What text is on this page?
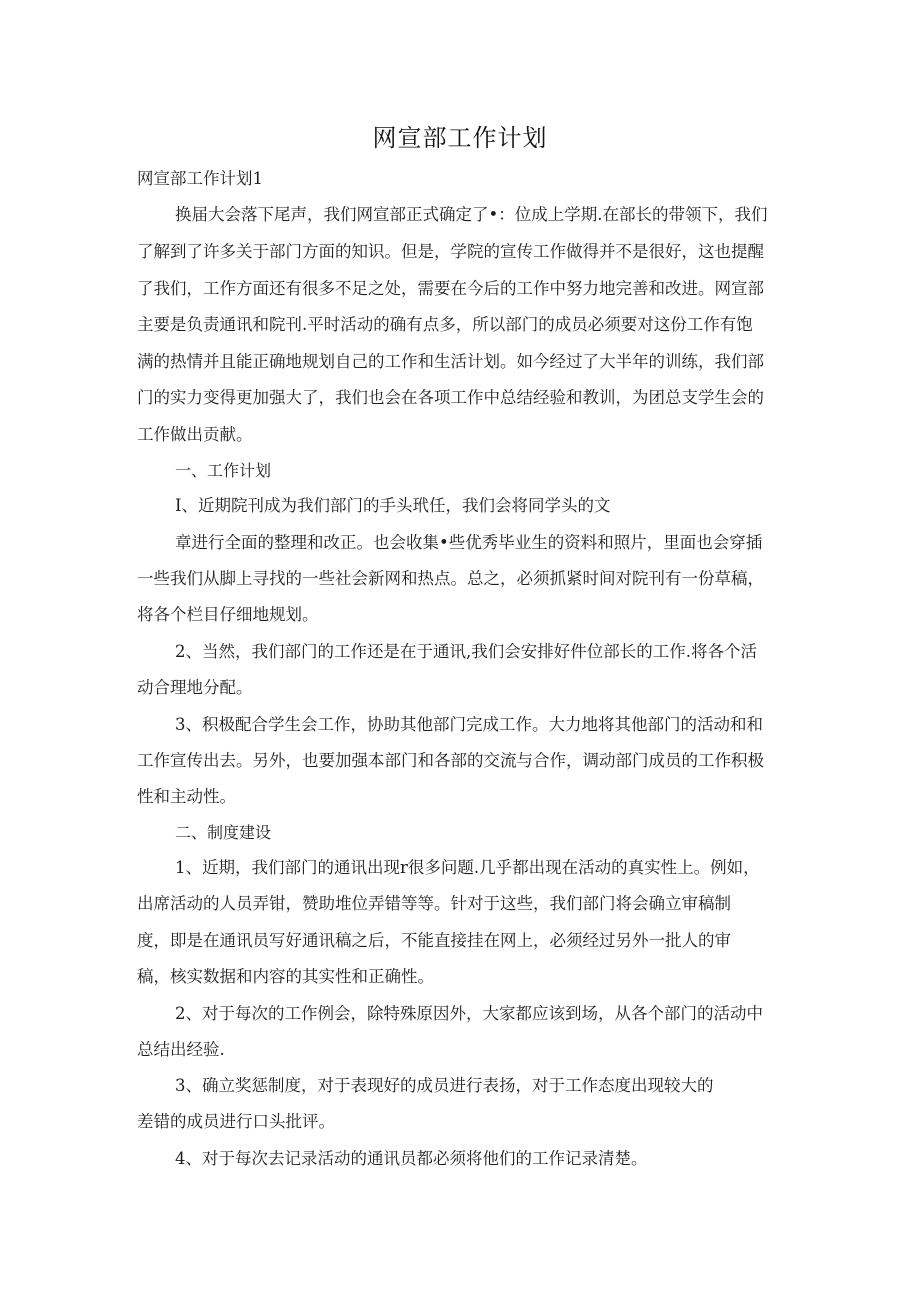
网宣部工作计划
网宣部工作计划1
换届大会落下尾声，我们网宣部正式确定了•：位成上学期.在部长的带领下，我们
了解到了许多关于部门方面的知识。但是，学院的宣传工作做得并不是很好，这也提醒
了我们，工作方面还有很多不足之处，需要在今后的工作中努力地完善和改进。网宣部
主要是负责通讯和院刊.平时活动的确有点多，所以部门的成员必须要对这份工作有饱
满的热情并且能正确地规划自己的工作和生活计划。如今经过了大半年的训练，我们部
门的实力变得更加强大了，我们也会在各项工作中总结经验和教训，为团总支学生会的
工作做出贡献。
一、工作计划
I、近期院刊成为我们部门的手头玳任，我们会将同学头的文
章进行全面的整理和改正。也会收集•些优秀毕业生的资料和照片，里面也会穿插
一些我们从脚上寻找的一些社会新网和热点。总之，必须抓紧时间对院刊有一份草稿，
将各个栏目仔细地规划。
2、当然，我们部门的工作还是在于通讯,我们会安排好件位部长的工作.将各个活
动合理地分配。
3、积极配合学生会工作，协助其他部门完成工作。大力地将其他部门的活动和和
工作宣传出去。另外，也要加强本部门和各部的交流与合作，调动部门成员的工作积极
性和主动性。
二、制度建设
1、近期，我们部门的通讯出现r很多问题.几乎都出现在活动的真实性上。例如，
出席活动的人员弄钳，赞助堆位弄错等等。针对于这些，我们部门将会确立审稿制
度，即是在通讯员写好通讯稿之后，不能直接挂在网上，必须经过另外一批人的审
稿，核实数据和内容的其实性和正确性。
2、对于每次的工作例会，除特殊原因外，大家都应该到场，从各个部门的活动中
总结出经验.
3、确立奖惩制度，对于表现好的成员进行表扬，对于工作态度出现较大的
差错的成员进行口头批评。
4、对于每次去记录活动的通讯员都必须将他们的工作记录清楚。
